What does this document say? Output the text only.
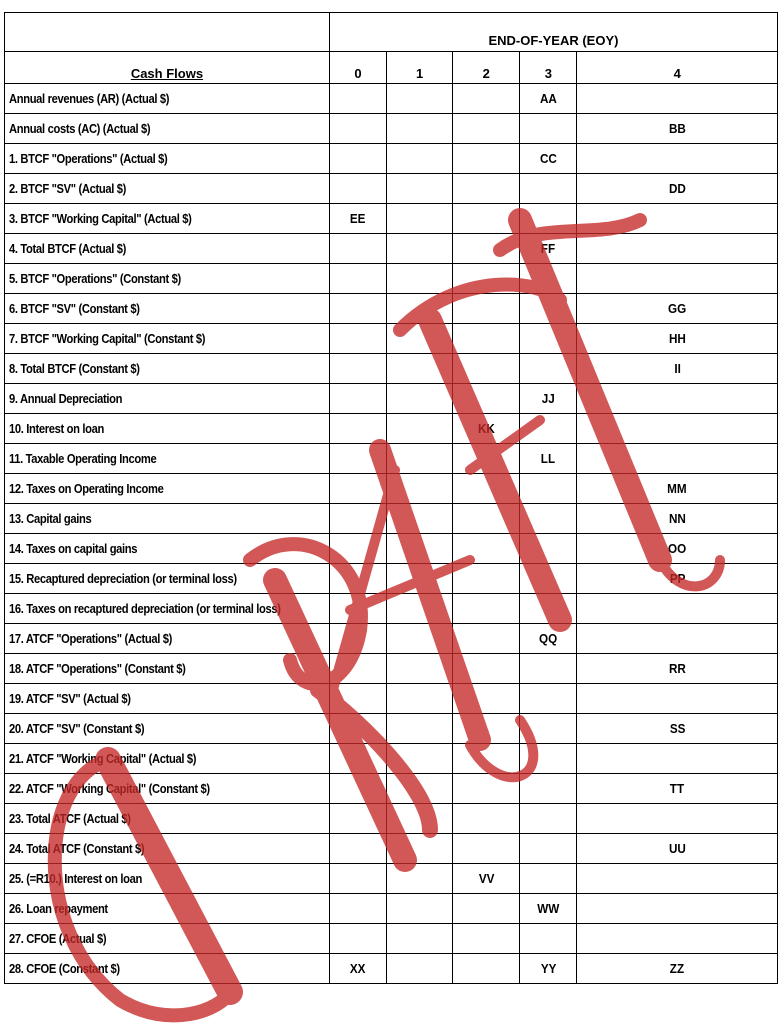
	END-OF-YEAR (EOY)				
Cash Flows	0	1	2	3	4
Annual revenues (AR) (Actual $)				AA	
Annual costs (AC) (Actual $)					BB
1. BTCF "Operations" (Actual $)				CC	
2. BTCF "SV" (Actual $)					DD
3. BTCF "Working Capital" (Actual $)	EE				
4. Total BTCF (Actual $)				FF	
5. BTCF "Operations" (Constant $)					
6. BTCF "SV" (Constant $)					GG
7. BTCF "Working Capital" (Constant $)					HH
8. Total BTCF (Constant $)					II
9. Annual Depreciation				JJ	
10. Interest on loan			KK		
11. Taxable Operating Income				LL	
12. Taxes on Operating Income					MM
13. Capital gains					NN
14. Taxes on capital gains					OO
15. Recaptured depreciation (or terminal loss)					PP
16. Taxes on recaptured depreciation (or terminal loss)					
17. ATCF "Operations" (Actual $)				QQ	
18. ATCF "Operations" (Constant $)					RR
19. ATCF "SV" (Actual $)					
20. ATCF "SV" (Constant $)					SS
21. ATCF "Working Capital" (Actual $)					
22. ATCF "Working Capital" (Constant $)					TT
23. Total ATCF (Actual $)					
24. Total ATCF (Constant $)					UU
25. (=R10.) Interest on loan			VV		
26. Loan repayment				WW	
27. CFOE (Actual $)					
28. CFOE (Constant $)	XX			YY	ZZ
